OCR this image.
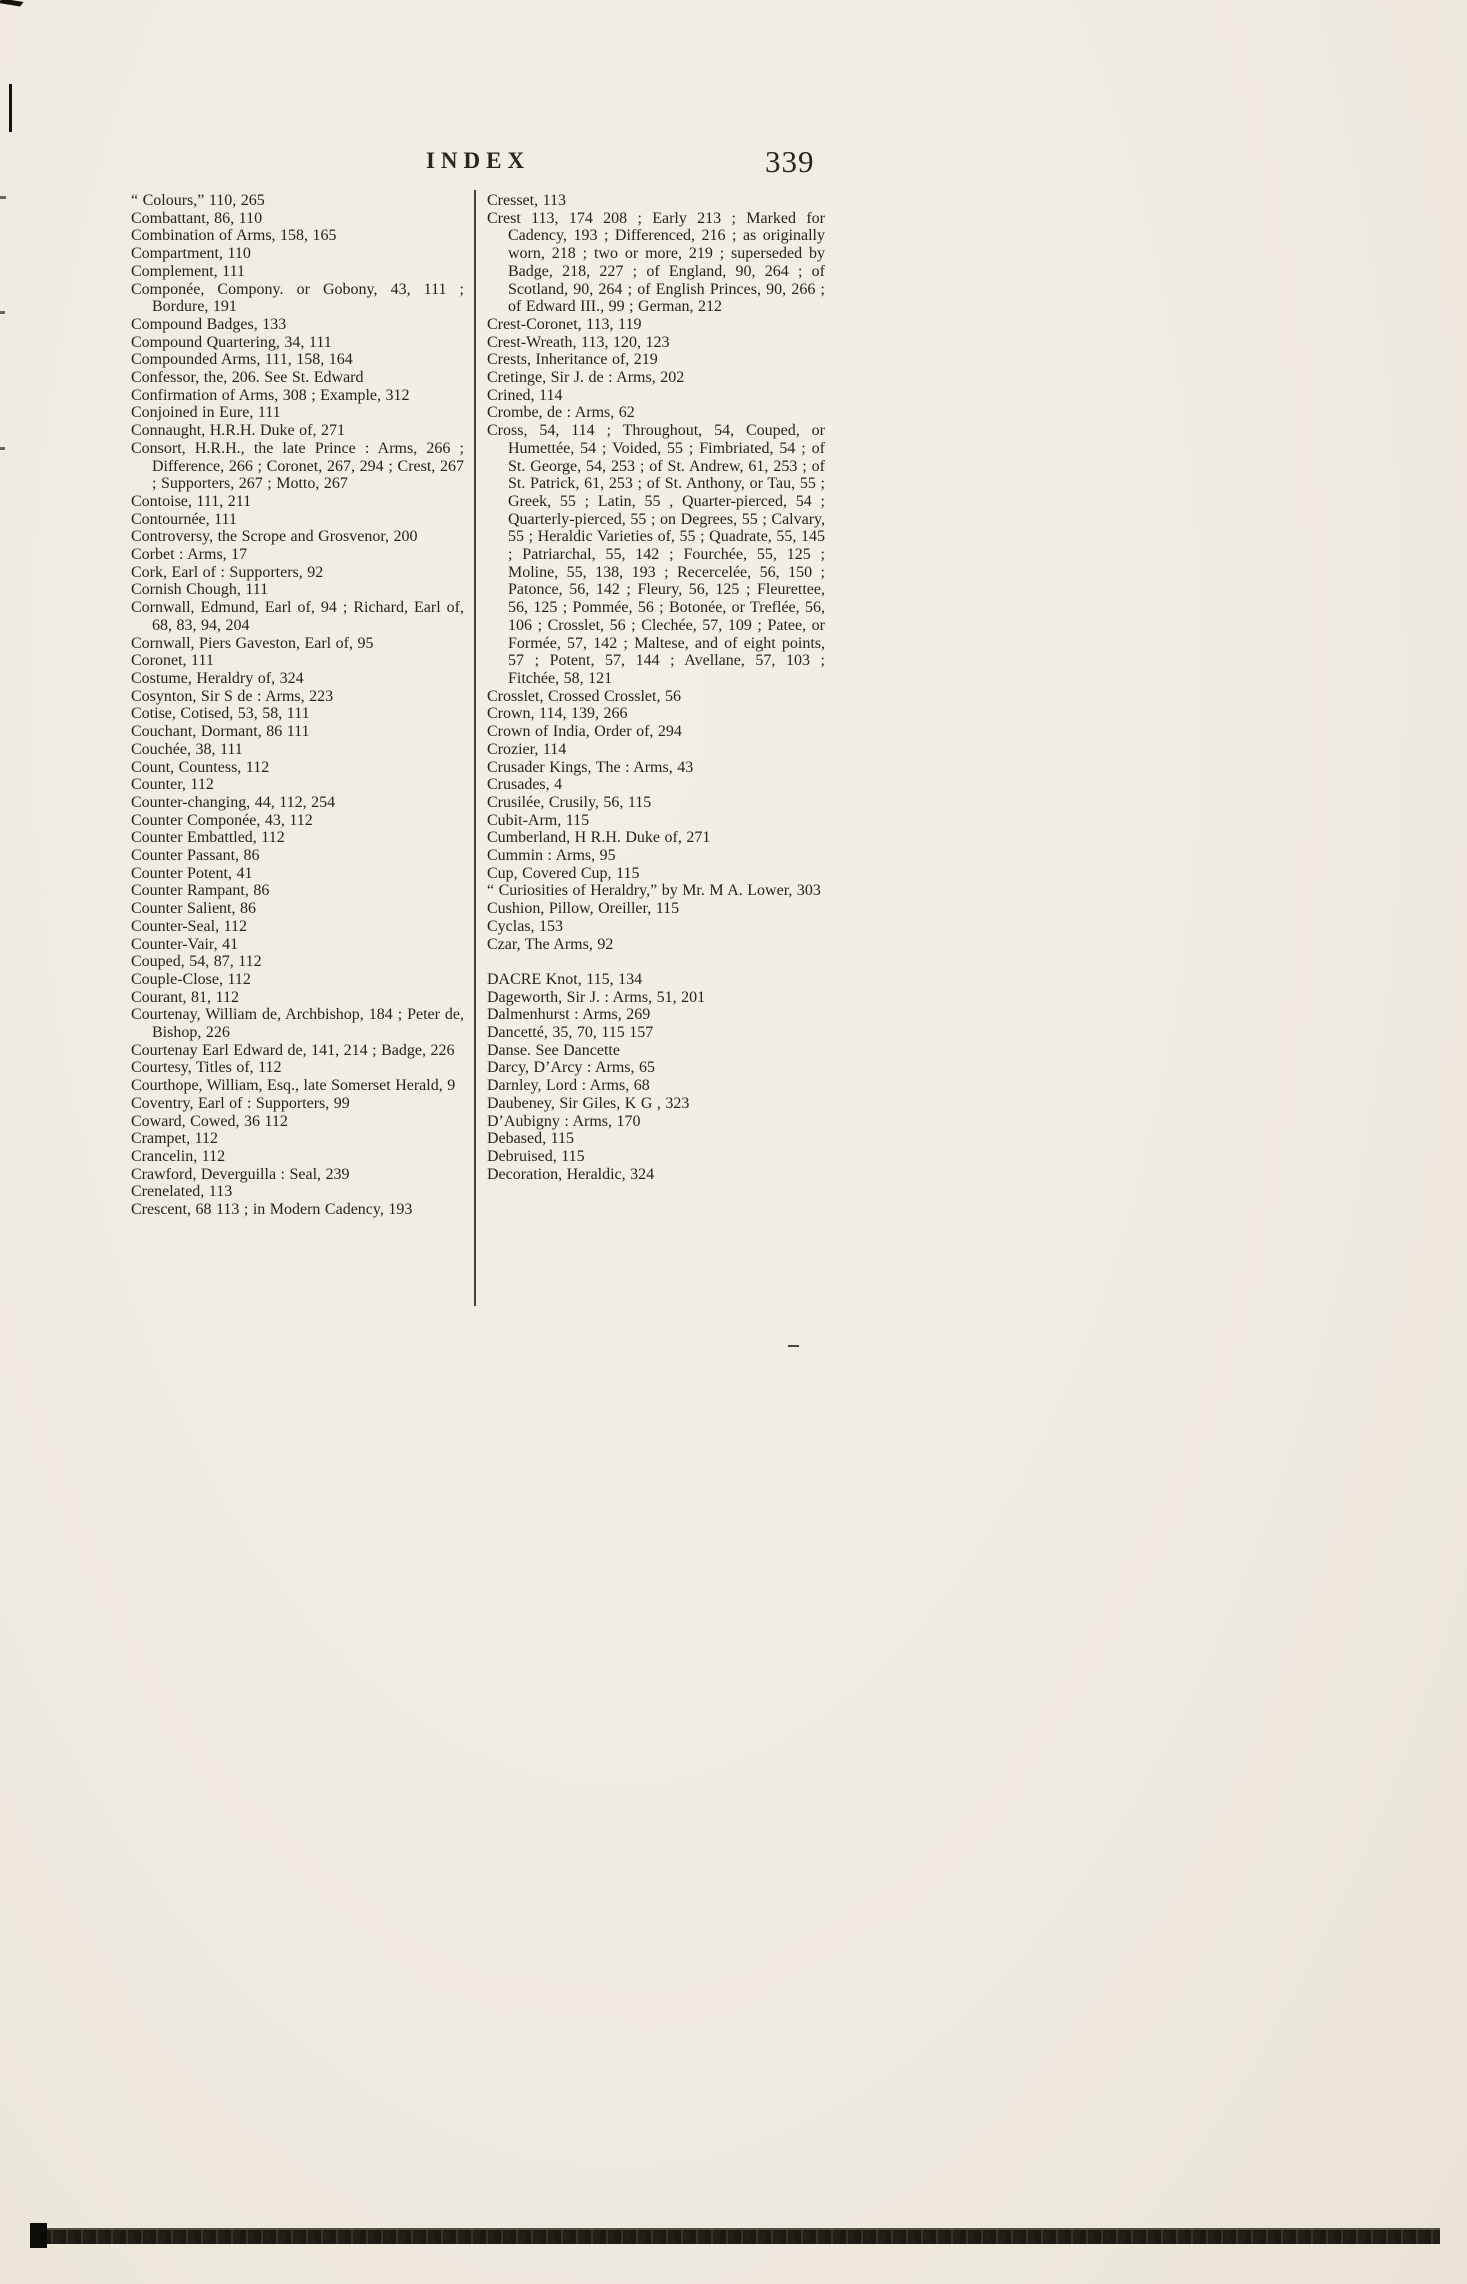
INDEX	339

“ Colours,” 110, 265

Combattant, 86, 110

Combination of Arms, 158, 165

Compartment, 110

Complement, 111

Componée, Compony. or Gobony, 43, 111 ; Bordure, 191

Compound Badges, 133

Compound Quartering, 34, 111

Compounded Arms, 111, 158, 164

Confessor, the, 206. See St. Edward

Confirmation of Arms, 308 ; Example, 312

Conjoined in Eure, 111

Connaught, H.R.H. Duke of, 271

Consort, H.R.H., the late Prince : Arms, 266 ; Difference, 266 ; Coronet, 267, 294 ; Crest, 267 ; Supporters, 267 ; Motto, 267

Contoise, 111, 211

Contournée, 111

Controversy, the Scrope and Grosvenor, 200

Corbet : Arms, 17

Cork, Earl of : Supporters, 92

Cornish Chough, 111

Cornwall, Edmund, Earl of, 94 ; Richard, Earl of, 68, 83, 94, 204

Cornwall, Piers Gaveston, Earl of, 95

Coronet, 111

Costume, Heraldry of, 324

Cosynton, Sir S de : Arms, 223

Cotise, Cotised, 53, 58, 111

Couchant, Dormant, 86 111

Couchée, 38, 111

Count, Countess, 112

Counter, 112

Counter-changing, 44, 112, 254

Counter Componée, 43, 112

Counter Embattled, 112

Counter Passant, 86

Counter Potent, 41

Counter Rampant, 86

Counter Salient, 86

Counter-Seal, 112

Counter-Vair, 41

Couped, 54, 87, 112

Couple-Close, 112

Courant, 81, 112

Courtenay, William de, Archbishop, 184 ; Peter de, Bishop, 226

Courtenay Earl Edward de, 141, 214 ; Badge, 226

Courtesy, Titles of, 112

Courthope, William, Esq., late Somerset Herald, 9

Coventry, Earl of : Supporters, 99

Coward, Cowed, 36 112

Crampet, 112

Crancelin, 112

Crawford, Deverguilla : Seal, 239

Crenelated, 113

Crescent, 68 113 ; in Modern Cadency, 193

Cresset, 113

Crest 113, 174 208 ; Early 213 ; Marked for Cadency, 193 ; Differenced, 216 ; as originally worn, 218 ; two or more, 219 ; superseded by Badge, 218, 227 ; of England, 90, 264 ; of Scotland, 90, 264 ; of English Princes, 90, 266 ; of Edward III., 99 ; German, 212

Crest-Coronet, 113, 119

Crest-Wreath, 113, 120, 123

Crests, Inheritance of, 219

Cretinge, Sir J. de : Arms, 202

Crined, 114

Crombe, de : Arms, 62

Cross, 54, 114 ; Throughout, 54, Couped, or Humettée, 54 ; Voided, 55 ; Fimbriated, 54 ; of St. George, 54, 253 ; of St. Andrew, 61, 253 ; of St. Patrick, 61, 253 ; of St. Anthony, or Tau, 55 ; Greek, 55 ; Latin, 55 , Quarter-pierced, 54 ; Quarterly-pierced, 55 ; on Degrees, 55 ; Calvary, 55 ; Heraldic Varieties of, 55 ; Quadrate, 55, 145 ; Patriarchal, 55, 142 ; Fourchée, 55, 125 ; Moline, 55, 138, 193 ; Recercelée, 56, 150 ; Patonce, 56, 142 ; Fleury, 56, 125 ; Fleurettee, 56, 125 ; Pommée, 56 ; Botonée, or Treflée, 56, 106 ; Crosslet, 56 ; Clechée, 57, 109 ; Patee, or Formée, 57, 142 ; Maltese, and of eight points, 57 ; Potent, 57, 144 ; Avellane, 57, 103 ; Fitchée, 58, 121

Crosslet, Crossed Crosslet, 56

Crown, 114, 139, 266

Crown of India, Order of, 294

Crozier, 114

Crusader Kings, The : Arms, 43

Crusades, 4

Crusilée, Crusily, 56, 115

Cubit-Arm, 115

Cumberland, H R.H. Duke of, 271

Cummin : Arms, 95

Cup, Covered Cup, 115

“ Curiosities of Heraldry,” by Mr. M A. Lower, 303

Cushion, Pillow, Oreiller, 115

Cyclas, 153

Czar, The Arms, 92

DACRE Knot, 115, 134

Dageworth, Sir J. : Arms, 51, 201

Dalmenhurst : Arms, 269

Dancetté, 35, 70, 115 157

Danse. See Dancette

Darcy, D’Arcy : Arms, 65

Darnley, Lord : Arms, 68

Daubeney, Sir Giles, K G , 323

D’Aubigny : Arms, 170

Debased, 115

Debruised, 115

Decoration, Heraldic, 324
